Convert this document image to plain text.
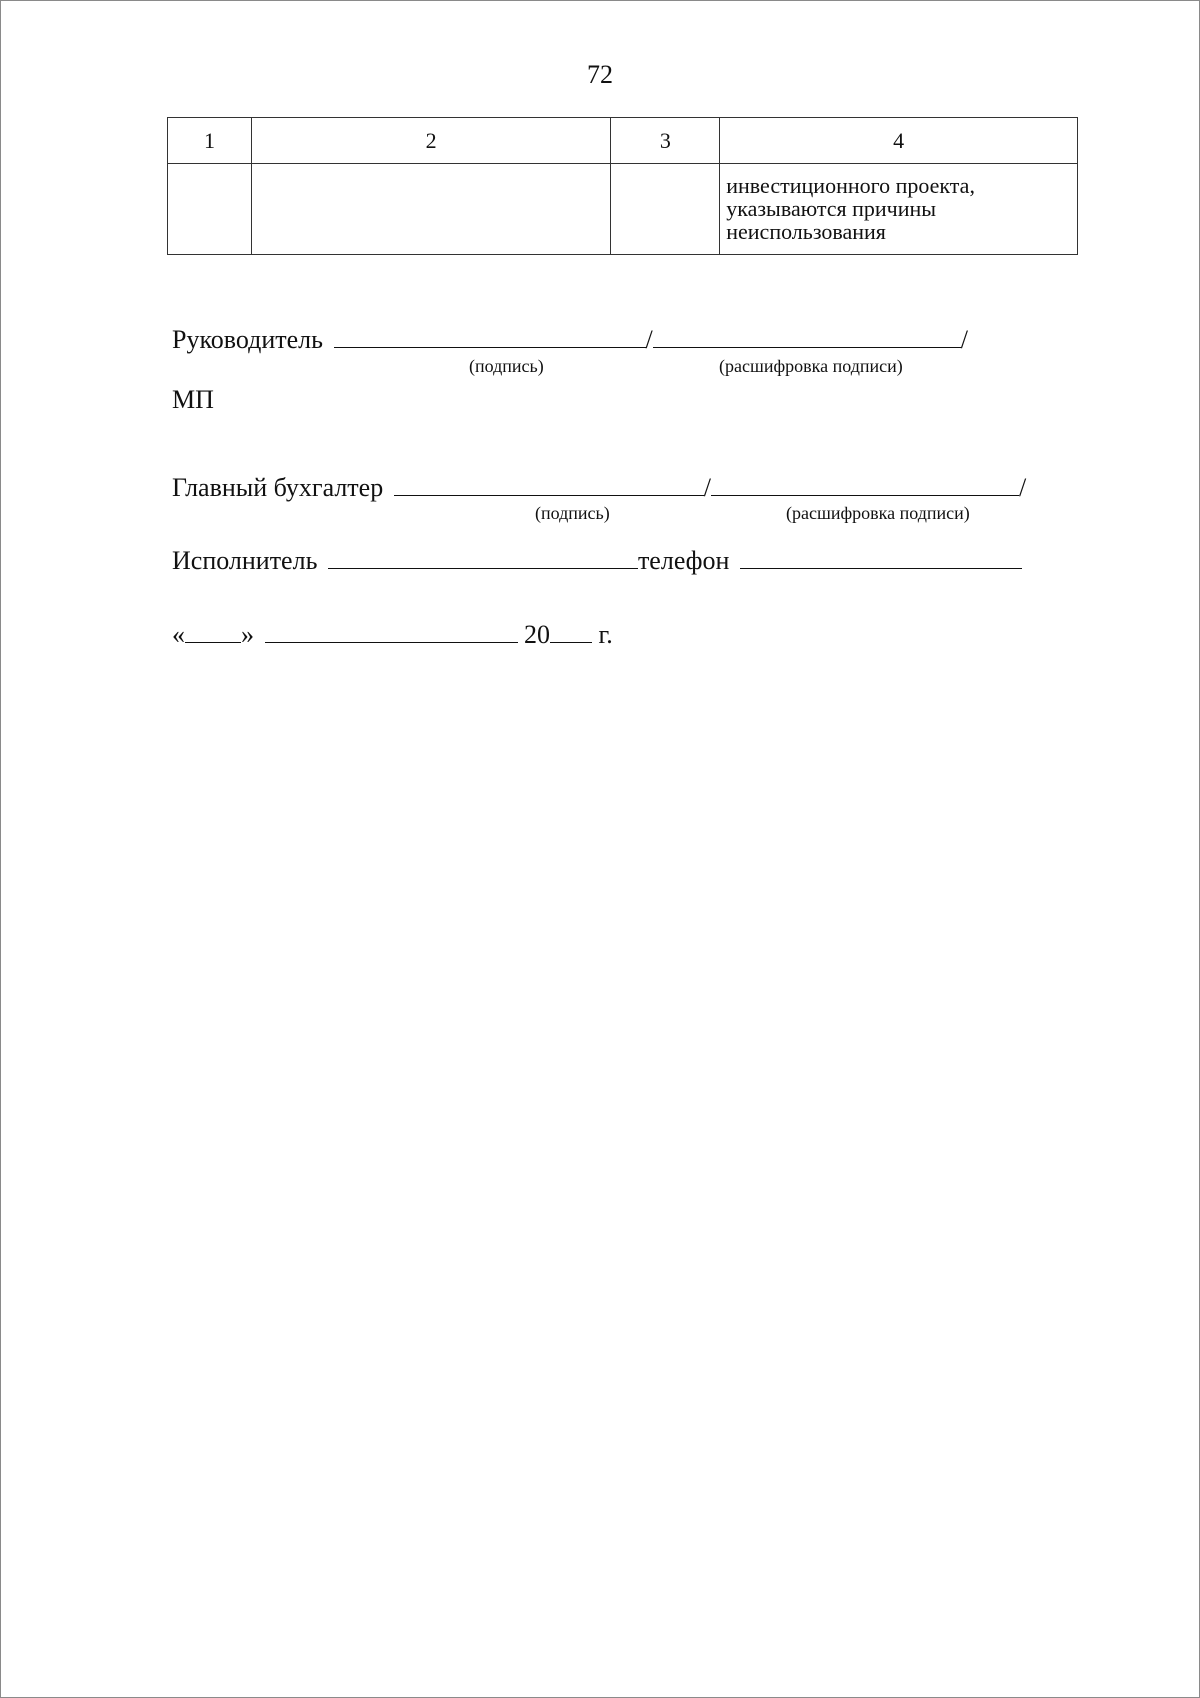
72
1	2	3	4

			инвестиционного проекта,
указываются причины
неиспользования
Руководитель	/	/
(подпись)	(расшифровка подписи)
МП
Главный бухгалтер	/	/
(подпись)	(расшифровка подписи)
Исполнитель	телефон
« »	20 г.
